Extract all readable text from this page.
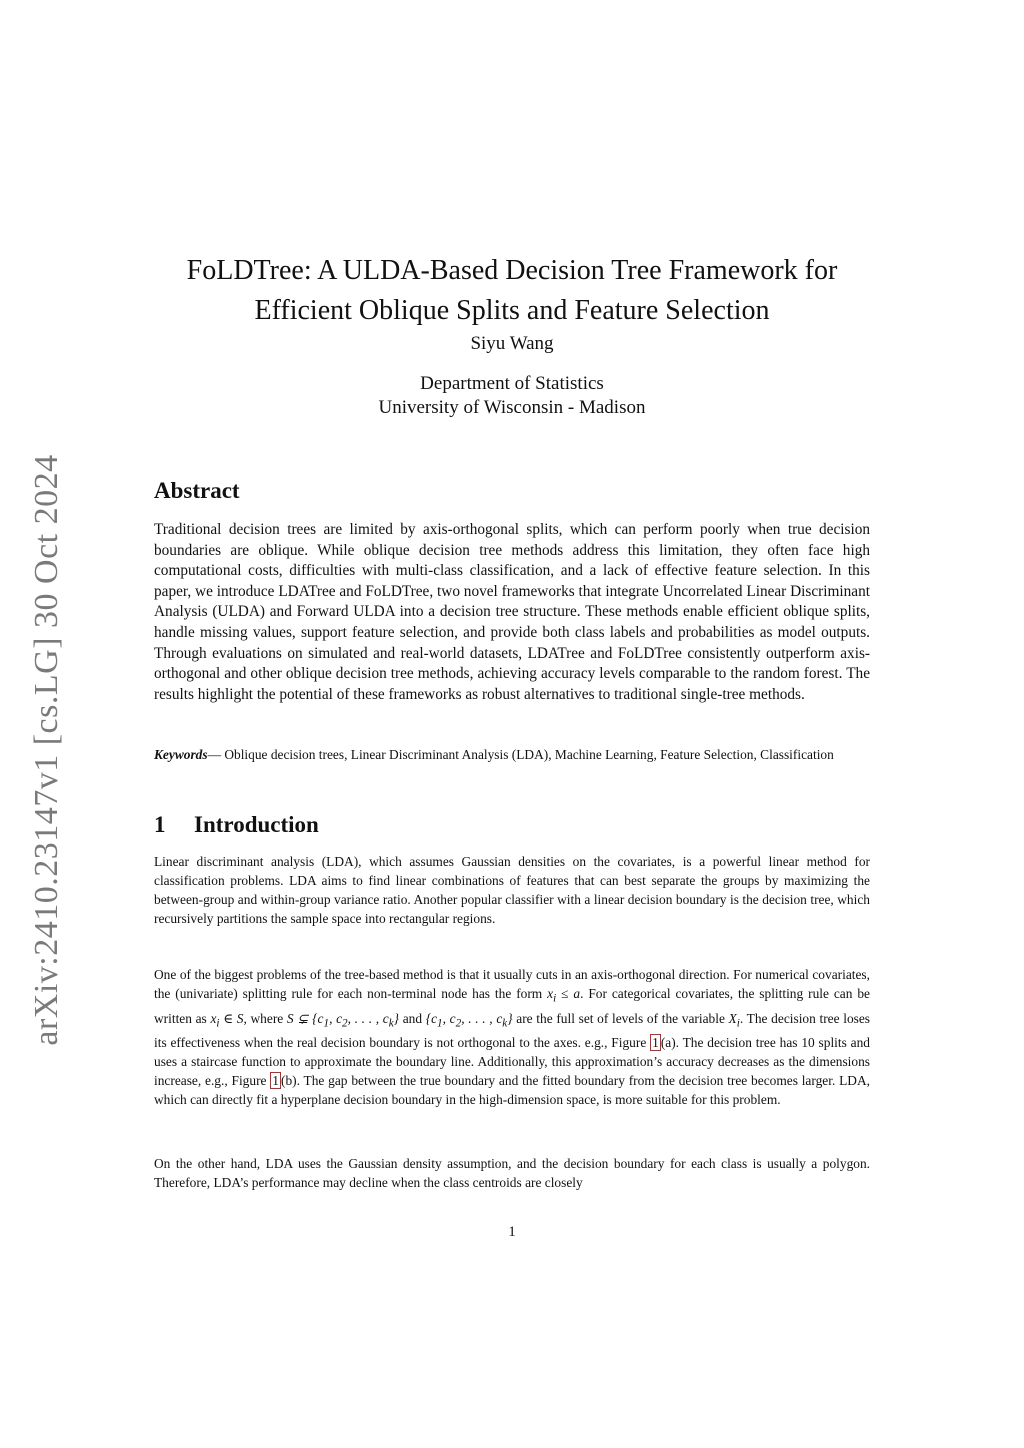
arXiv:2410.23147v1 [cs.LG] 30 Oct 2024
FoLDTree: A ULDA-Based Decision Tree Framework for
Efficient Oblique Splits and Feature Selection
Siyu Wang
Department of Statistics
University of Wisconsin - Madison
Abstract

Traditional decision trees are limited by axis-orthogonal splits, which can perform poorly when true decision boundaries are oblique. While oblique decision tree methods address this limitation, they often face high computational costs, difficulties with multi-class classification, and a lack of effective feature selection. In this paper, we introduce LDATree and FoLDTree, two novel frameworks that integrate Uncorrelated Linear Discriminant Analysis (ULDA) and Forward ULDA into a decision tree structure. These methods enable efficient oblique splits, handle missing values, support feature selection, and provide both class labels and probabilities as model outputs. Through evaluations on simulated and real-world datasets, LDATree and FoLDTree consistently outperform axis-orthogonal and other oblique decision tree methods, achieving accuracy levels comparable to the random forest. The results highlight the potential of these frameworks as robust alternatives to traditional single-tree methods.

Keywords— Oblique decision trees, Linear Discriminant Analysis (LDA), Machine Learning, Feature Selection, Classification

1 Introduction

Linear discriminant analysis (LDA), which assumes Gaussian densities on the covariates, is a powerful linear method for classification problems. LDA aims to find linear combinations of features that can best separate the groups by maximizing the between-group and within-group variance ratio. Another popular classifier with a linear decision boundary is the decision tree, which recursively partitions the sample space into rectangular regions.

One of the biggest problems of the tree-based method is that it usually cuts in an axis-orthogonal direction. For numerical covariates, the (univariate) splitting rule for each non-terminal node has the form $x_i \le a$. For categorical covariates, the splitting rule can be written as $x_i$ ∈ S, where S ⊊ {$c_1$, $c_2$, . . . , $c_k$} and {$c_1$, $c_2$, . . . , $c_k$} are the full set of levels of the variable $X_i$. The decision tree loses its effectiveness when the real decision boundary is not orthogonal to the axes. e.g., Figure 1 (a). The decision tree has 10 splits and uses a staircase function to approximate the boundary line. Additionally, this approximation’s accuracy decreases as the dimensions increase, e.g., Figure 1 (b). The gap between the true boundary and the fitted boundary from the decision tree becomes larger. LDA, which can directly fit a hyperplane decision boundary in the high-dimension space, is more suitable for this problem.

On the other hand, LDA uses the Gaussian density assumption, and the decision boundary for each class is usually a polygon. Therefore, LDA’s performance may decline when the class centroids are closely

1
